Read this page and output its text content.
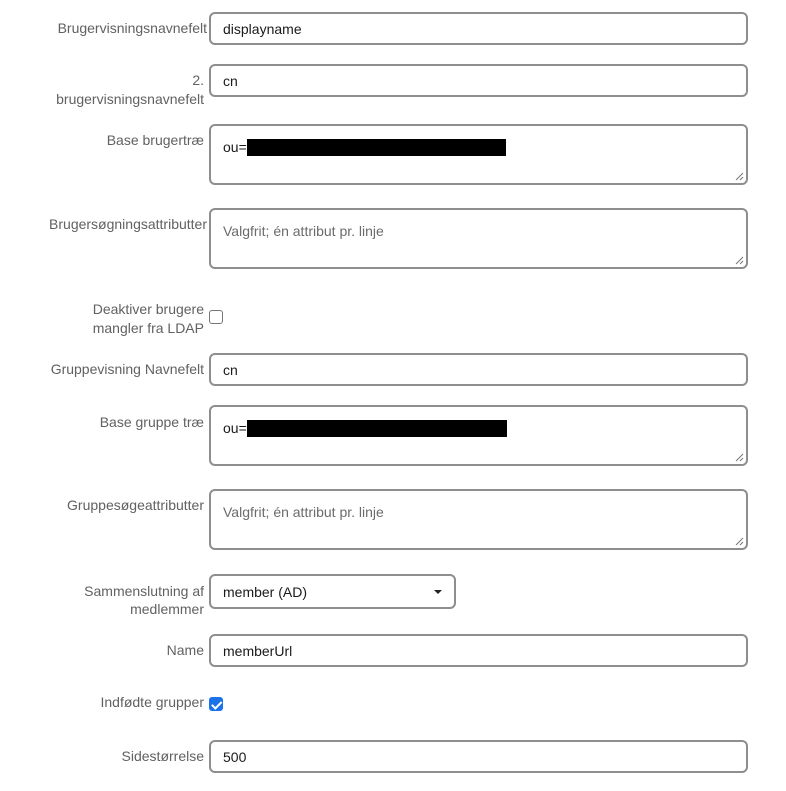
Brugervisningsnavnefelt displayname
2.
brugervisningsnavnefelt
cn
Base brugertræ ou=
Brugersøgningsattributter Valgfrit; én attribut pr. linje
Deaktiver brugere
mangler fra LDAP
Gruppevisning Navnefelt cn
Base gruppe træ ou=
Gruppesøgeattributter Valgfrit; én attribut pr. linje
Sammenslutning af
medlemmer
member (AD)
Name memberUrl
Indfødte grupper
Sidestørrelse 500
